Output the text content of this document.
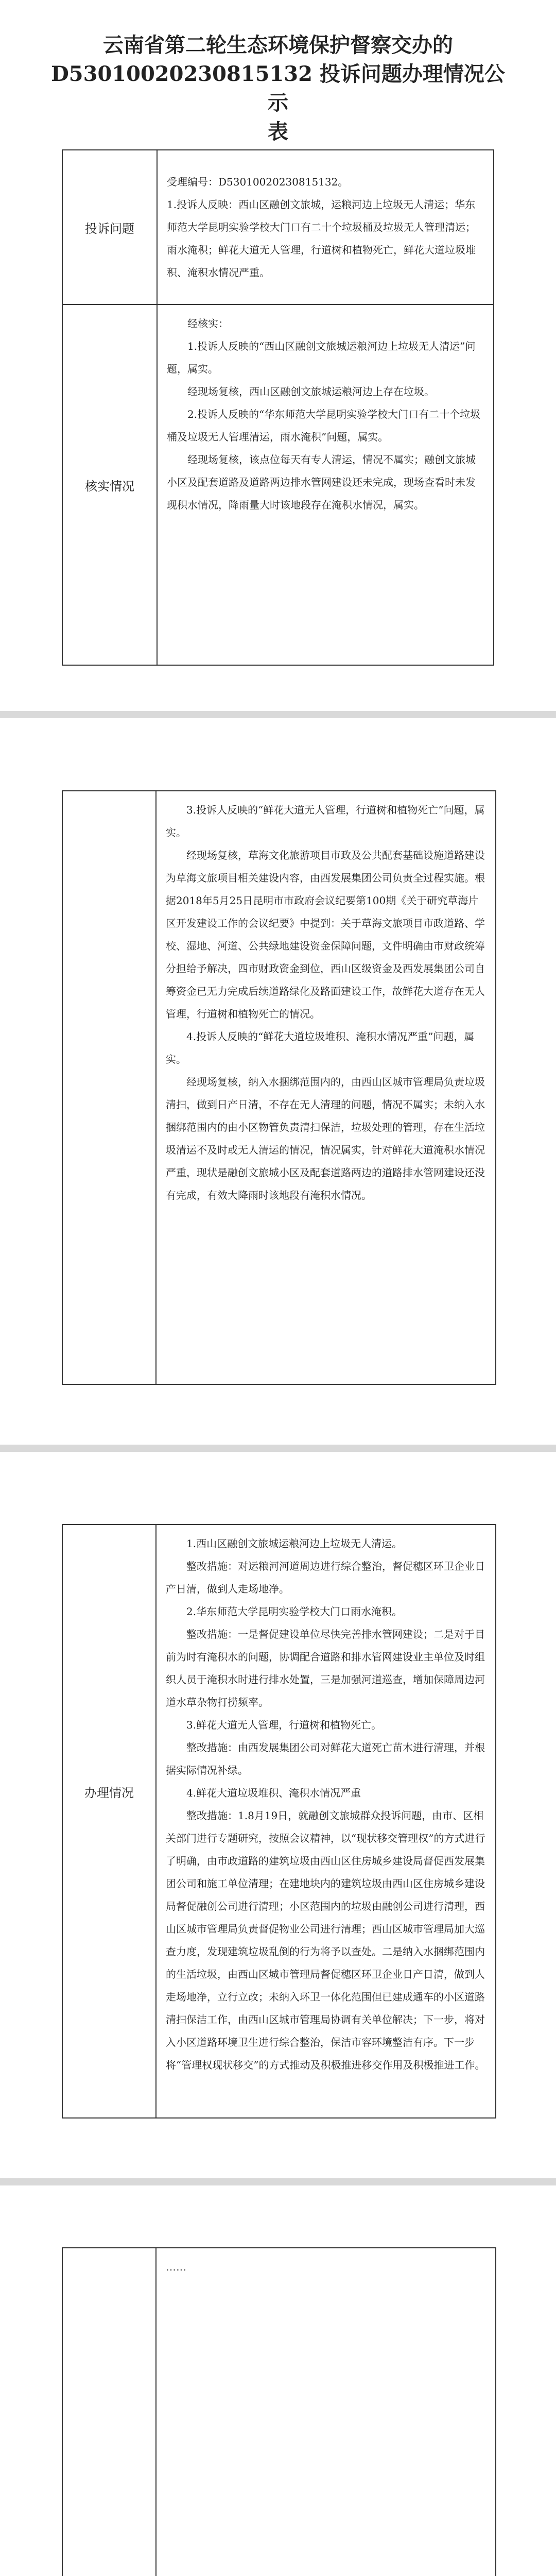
云南省第二轮生态环境保护督察交办的
D53010020230815132 投诉问题办理情况公示
表
投诉问题	受理编号：D53010020230815132。

1.投诉人反映：西山区融创文旅城，运粮河边上垃圾无人清运；华东师范大学昆明实验学校大门口有二十个垃圾桶及垃圾无人管理清运；雨水淹积；鲜花大道无人管理，行道树和植物死亡，鲜花大道垃圾堆积、淹积水情况严重。

核实情况	经核实：

1.投诉人反映的“西山区融创文旅城运粮河边上垃圾无人清运”问题，属实。

经现场复核，西山区融创文旅城运粮河边上存在垃圾。

2.投诉人反映的“华东师范大学昆明实验学校大门口有二十个垃圾桶及垃圾无人管理清运，雨水淹积”问题，属实。

经现场复核，该点位每天有专人清运，情况不属实；融创文旅城小区及配套道路及道路两边排水管网建设还未完成，现场查看时未发现积水情况，降雨量大时该地段存在淹积水情况，属实。

3.投诉人反映的“鲜花大道无人管理，行道树和植物死亡”问题，属实。

经现场复核，草海文化旅游项目市政及公共配套基础设施道路建设为草海文旅项目相关建设内容，由西发展集团公司负责全过程实施。根据2018年5月25日昆明市市政府会议纪要第100期《关于研究草海片区开发建设工作的会议纪要》中提到：关于草海文旅项目市政道路、学校、湿地、河道、公共绿地建设资金保障问题，文件明确由市财政统筹分担给予解决，四市财政资金到位，西山区级资金及西发展集团公司自筹资金已无力完成后续道路绿化及路面建设工作，故鲜花大道存在无人管理，行道树和植物死亡的情况。

4.投诉人反映的“鲜花大道垃圾堆积、淹积水情况严重”问题，属实。

经现场复核，纳入水捆绑范围内的，由西山区城市管理局负责垃圾清扫，做到日产日清，不存在无人清理的问题，情况不属实；未纳入水捆绑范围内的由小区物管负责清扫保洁，垃圾处理的管理，存在生活垃圾清运不及时或无人清运的情况，情况属实，针对鲜花大道淹积水情况严重，现状是融创文旅城小区及配套道路两边的道路排水管网建设还没有完成，有效大降雨时该地段有淹积水情况。

办理情况

1.西山区融创文旅城运粮河边上垃圾无人清运。

整改措施：对运粮河河道周边进行综合整治，督促穗区环卫企业日产日清，做到人走场地净。

2.华东师范大学昆明实验学校大门口雨水淹积。

整改措施：一是督促建设单位尽快完善排水管网建设；二是对于目前为时有淹积水的问题，协调配合道路和排水管网建设业主单位及时组织人员于淹积水时进行排水处置，三是加强河道巡查，增加保障周边河道水草杂物打捞频率。

3.鲜花大道无人管理，行道树和植物死亡。

整改措施：由西发展集团公司对鲜花大道死亡苗木进行清理，并根据实际情况补绿。

4.鲜花大道垃圾堆积、淹积水情况严重

整改措施：1.8月19日，就融创文旅城群众投诉问题，由市、区相关部门进行专题研究，按照会议精神，以“现状移交管理权”的方式进行了明确，由市政道路的建筑垃圾由西山区住房城乡建设局督促西发展集团公司和施工单位清理；在建地块内的建筑垃圾由西山区住房城乡建设局督促融创公司进行清理；小区范围内的垃圾由融创公司进行清理，西山区城市管理局负责督促物业公司进行清理；西山区城市管理局加大巡查力度，发现建筑垃圾乱倒的行为将予以查处。二是纳入水捆绑范围内的生活垃圾，由西山区城市管理局督促穗区环卫企业日产日清，做到人走场地净，立行立改；未纳入环卫一体化范围但已建成通车的小区道路清扫保洁工作，由西山区城市管理局协调有关单位解决；下一步，将对入小区道路环境卫生进行综合整治，保洁市容环境整洁有序。下一步将“管理权现状移交”的方式推动及积极推进移交作用及积极推进工作。

……
